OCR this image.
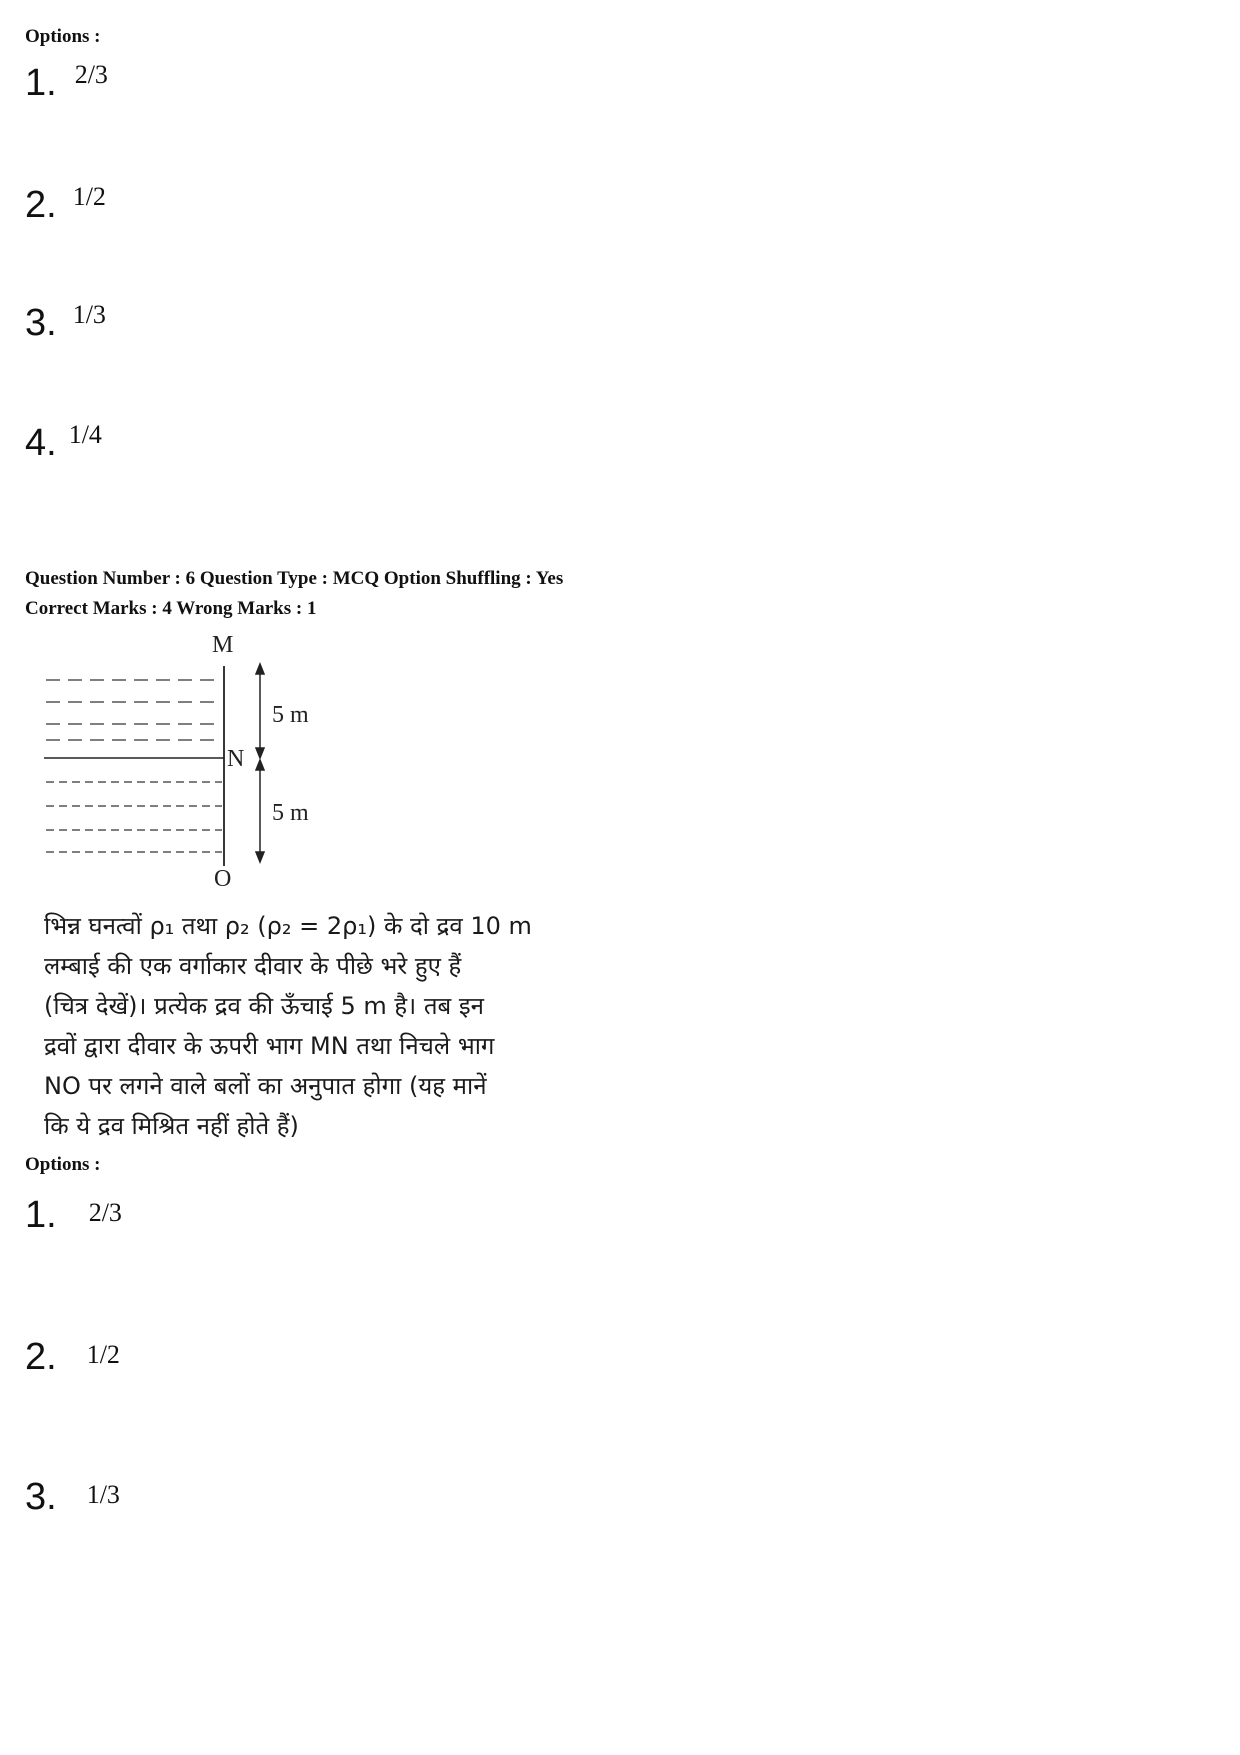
Options :
1. 2/3
2. 1/2
3. 1/3
4. 1/4
Question Number : 6 Question Type : MCQ Option Shuffling : Yes
Correct Marks : 4 Wrong Marks : 1
M
N
O
5 m
5 m
भिन्न घनत्वों ρ₁ तथा ρ₂ (ρ₂ = 2ρ₁) के दो द्रव 10 m
लम्बाई की एक वर्गाकार दीवार के पीछे भरे हुए हैं
(चित्र देखें)। प्रत्येक द्रव की ऊँचाई 5 m है। तब इन
द्रवों द्वारा दीवार के ऊपरी भाग MN तथा निचले भाग
NO पर लगने वाले बलों का अनुपात होगा (यह मानें
कि ये द्रव मिश्रित नहीं होते हैं)
Options :
1. 2/3
2. 1/2
3. 1/3
